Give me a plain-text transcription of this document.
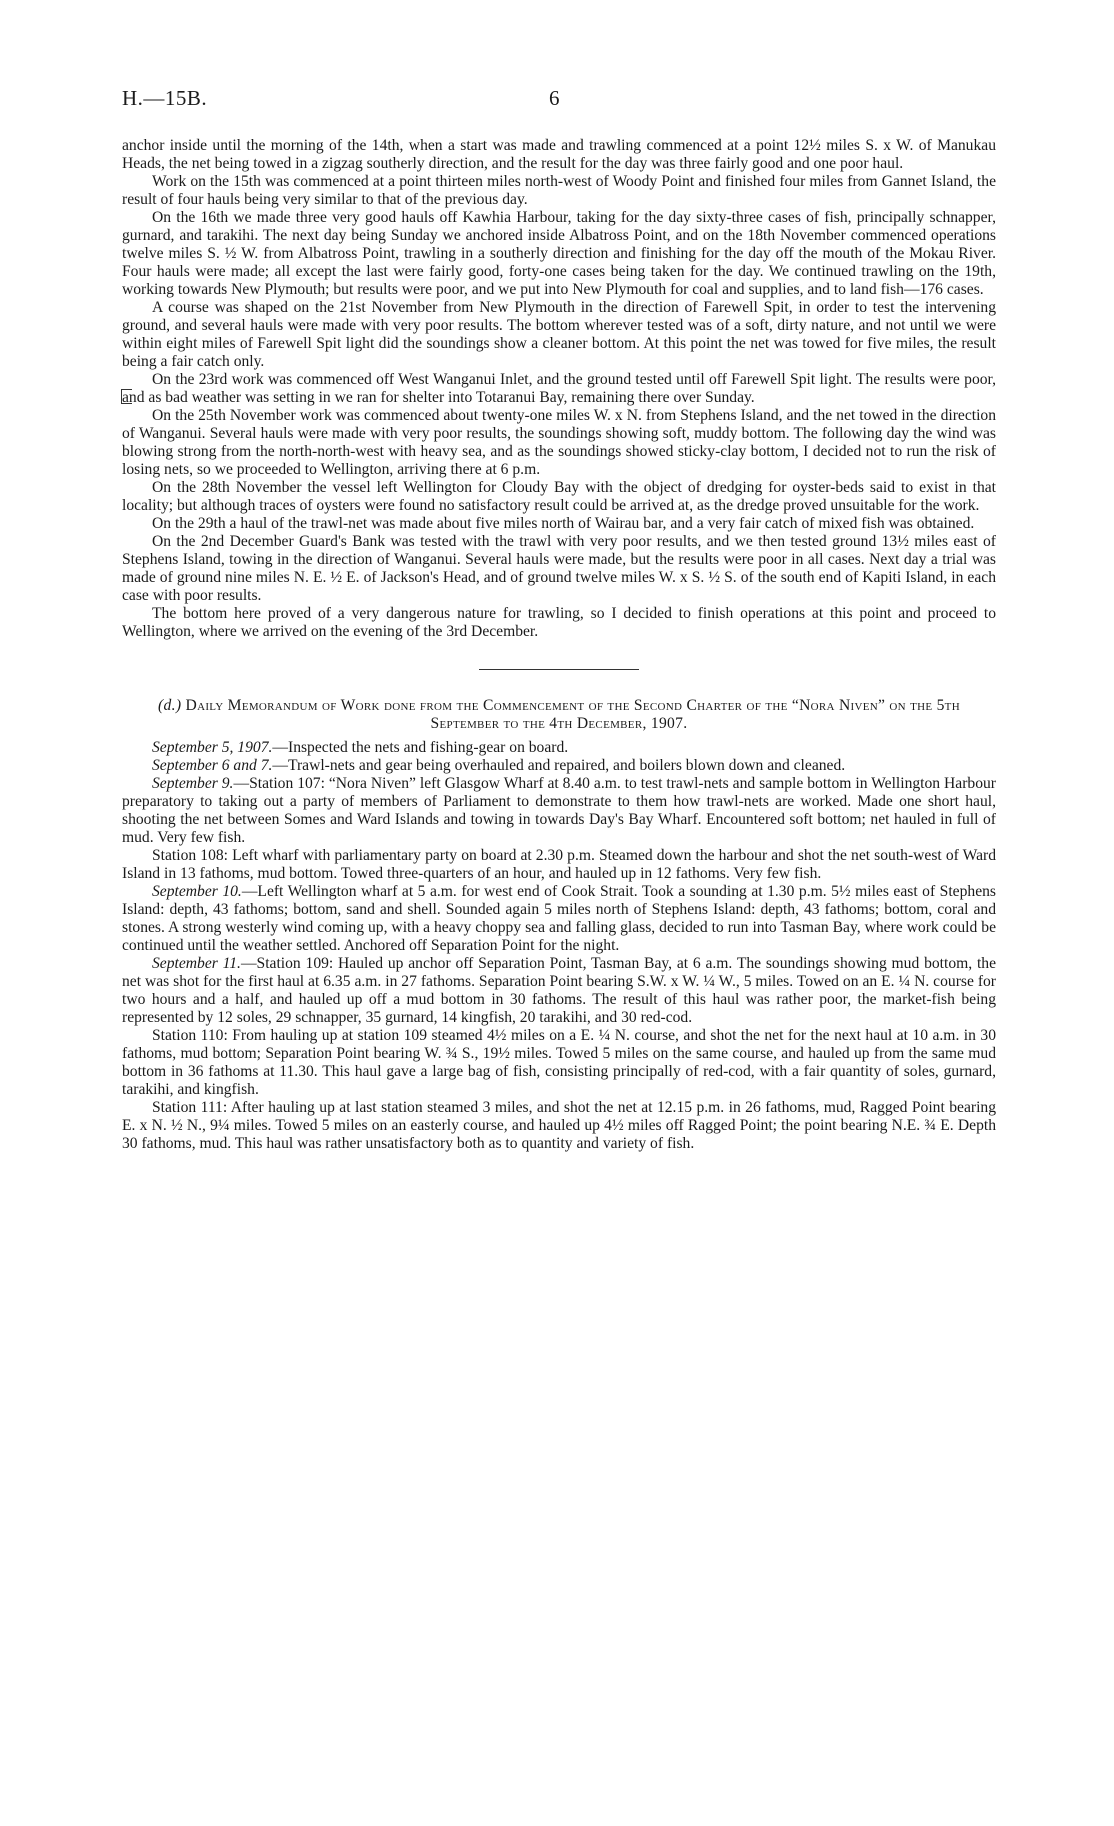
H.—15B.	6

anchor inside until the morning of the 14th, when a start was made and trawling commenced at a point 12½ miles S. x W. of Manukau Heads, the net being towed in a zigzag southerly direction, and the result for the day was three fairly good and one poor haul.

Work on the 15th was commenced at a point thirteen miles north-west of Woody Point and finished four miles from Gannet Island, the result of four hauls being very similar to that of the previous day.

On the 16th we made three very good hauls off Kawhia Harbour, taking for the day sixty-three cases of fish, principally schnapper, gurnard, and tarakihi. The next day being Sunday we anchored inside Albatross Point, and on the 18th November commenced operations twelve miles S. ½ W. from Albatross Point, trawling in a southerly direction and finishing for the day off the mouth of the Mokau River. Four hauls were made; all except the last were fairly good, forty-one cases being taken for the day. We continued trawling on the 19th, working towards New Plymouth; but results were poor, and we put into New Plymouth for coal and supplies, and to land fish—176 cases.

A course was shaped on the 21st November from New Plymouth in the direction of Farewell Spit, in order to test the intervening ground, and several hauls were made with very poor results. The bottom wherever tested was of a soft, dirty nature, and not until we were within eight miles of Farewell Spit light did the soundings show a cleaner bottom. At this point the net was towed for five miles, the result being a fair catch only.

On the 23rd work was commenced off West Wanganui Inlet, and the ground tested until off Farewell Spit light. The results were poor, and as bad weather was setting in we ran for shelter into Totaranui Bay, remaining there over Sunday.

On the 25th November work was commenced about twenty-one miles W. x N. from Stephens Island, and the net towed in the direction of Wanganui. Several hauls were made with very poor results, the soundings showing soft, muddy bottom. The following day the wind was blowing strong from the north-north-west with heavy sea, and as the soundings showed sticky-clay bottom, I decided not to run the risk of losing nets, so we proceeded to Wellington, arriving there at 6 p.m.

On the 28th November the vessel left Wellington for Cloudy Bay with the object of dredging for oyster-beds said to exist in that locality; but although traces of oysters were found no satisfactory result could be arrived at, as the dredge proved unsuitable for the work.

On the 29th a haul of the trawl-net was made about five miles north of Wairau bar, and a very fair catch of mixed fish was obtained.

On the 2nd December Guard's Bank was tested with the trawl with very poor results, and we then tested ground 13½ miles east of Stephens Island, towing in the direction of Wanganui. Several hauls were made, but the results were poor in all cases. Next day a trial was made of ground nine miles N. E. ½ E. of Jackson's Head, and of ground twelve miles W. x S. ½ S. of the south end of Kapiti Island, in each case with poor results.

The bottom here proved of a very dangerous nature for trawling, so I decided to finish operations at this point and proceed to Wellington, where we arrived on the evening of the 3rd December.

(d.) Daily Memorandum of Work done from the Commencement of the Second Charter of the “Nora Niven” on the 5th September to the 4th December, 1907.

September 5, 1907.—Inspected the nets and fishing-gear on board.

September 6 and 7.—Trawl-nets and gear being overhauled and repaired, and boilers blown down and cleaned.

September 9.—Station 107: “Nora Niven” left Glasgow Wharf at 8.40 a.m. to test trawl-nets and sample bottom in Wellington Harbour preparatory to taking out a party of members of Parliament to demonstrate to them how trawl-nets are worked. Made one short haul, shooting the net between Somes and Ward Islands and towing in towards Day's Bay Wharf. Encountered soft bottom; net hauled in full of mud. Very few fish.

Station 108: Left wharf with parliamentary party on board at 2.30 p.m. Steamed down the harbour and shot the net south-west of Ward Island in 13 fathoms, mud bottom. Towed three-quarters of an hour, and hauled up in 12 fathoms. Very few fish.

September 10.—Left Wellington wharf at 5 a.m. for west end of Cook Strait. Took a sounding at 1.30 p.m. 5½ miles east of Stephens Island: depth, 43 fathoms; bottom, sand and shell. Sounded again 5 miles north of Stephens Island: depth, 43 fathoms; bottom, coral and stones. A strong westerly wind coming up, with a heavy choppy sea and falling glass, decided to run into Tasman Bay, where work could be continued until the weather settled. Anchored off Separation Point for the night.

September 11.—Station 109: Hauled up anchor off Separation Point, Tasman Bay, at 6 a.m. The soundings showing mud bottom, the net was shot for the first haul at 6.35 a.m. in 27 fathoms. Separation Point bearing S.W. x W. ¼ W., 5 miles. Towed on an E. ¼ N. course for two hours and a half, and hauled up off a mud bottom in 30 fathoms. The result of this haul was rather poor, the market-fish being represented by 12 soles, 29 schnapper, 35 gurnard, 14 kingfish, 20 tarakihi, and 30 red-cod.

Station 110: From hauling up at station 109 steamed 4½ miles on a E. ¼ N. course, and shot the net for the next haul at 10 a.m. in 30 fathoms, mud bottom; Separation Point bearing W. ¾ S., 19½ miles. Towed 5 miles on the same course, and hauled up from the same mud bottom in 36 fathoms at 11.30. This haul gave a large bag of fish, consisting principally of red-cod, with a fair quantity of soles, gurnard, tarakihi, and kingfish.

Station 111: After hauling up at last station steamed 3 miles, and shot the net at 12.15 p.m. in 26 fathoms, mud, Ragged Point bearing E. x N. ½ N., 9¼ miles. Towed 5 miles on an easterly course, and hauled up 4½ miles off Ragged Point; the point bearing N.E. ¾ E. Depth 30 fathoms, mud. This haul was rather unsatisfactory both as to quantity and variety of fish.
